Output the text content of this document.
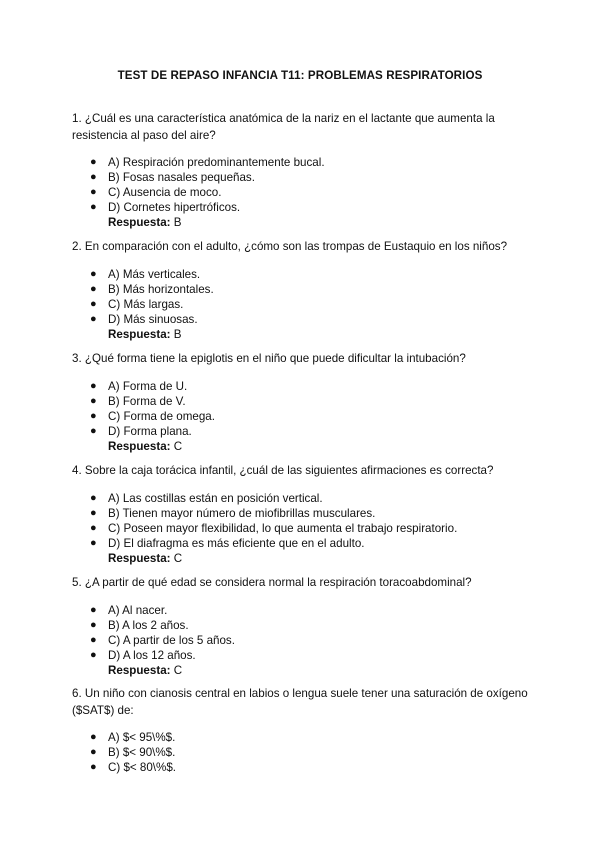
TEST DE REPASO INFANCIA T11: PROBLEMAS RESPIRATORIOS

1. ¿Cuál es una característica anatómica de la nariz en el lactante que aumenta la resistencia al paso del aire?

● A) Respiración predominantemente bucal.
● B) Fosas nasales pequeñas.
● C) Ausencia de moco.
● D) Cornetes hipertróficos.
Respuesta: B

2. En comparación con el adulto, ¿cómo son las trompas de Eustaquio en los niños?

● A) Más verticales.
● B) Más horizontales.
● C) Más largas.
● D) Más sinuosas.
Respuesta: B

3. ¿Qué forma tiene la epiglotis en el niño que puede dificultar la intubación?

● A) Forma de U.
● B) Forma de V.
● C) Forma de omega.
● D) Forma plana.
Respuesta: C

4. Sobre la caja torácica infantil, ¿cuál de las siguientes afirmaciones es correcta?

● A) Las costillas están en posición vertical.
● B) Tienen mayor número de miofibrillas musculares.
● C) Poseen mayor flexibilidad, lo que aumenta el trabajo respiratorio.
● D) El diafragma es más eficiente que en el adulto.
Respuesta: C

5. ¿A partir de qué edad se considera normal la respiración toracoabdominal?

● A) Al nacer.
● B) A los 2 años.
● C) A partir de los 5 años.
● D) A los 12 años.
Respuesta: C

6. Un niño con cianosis central en labios o lengua suele tener una saturación de oxígeno ($SAT$) de:

● A) $< 95\%$.
● B) $< 90\%$.
● C) $< 80\%$.
